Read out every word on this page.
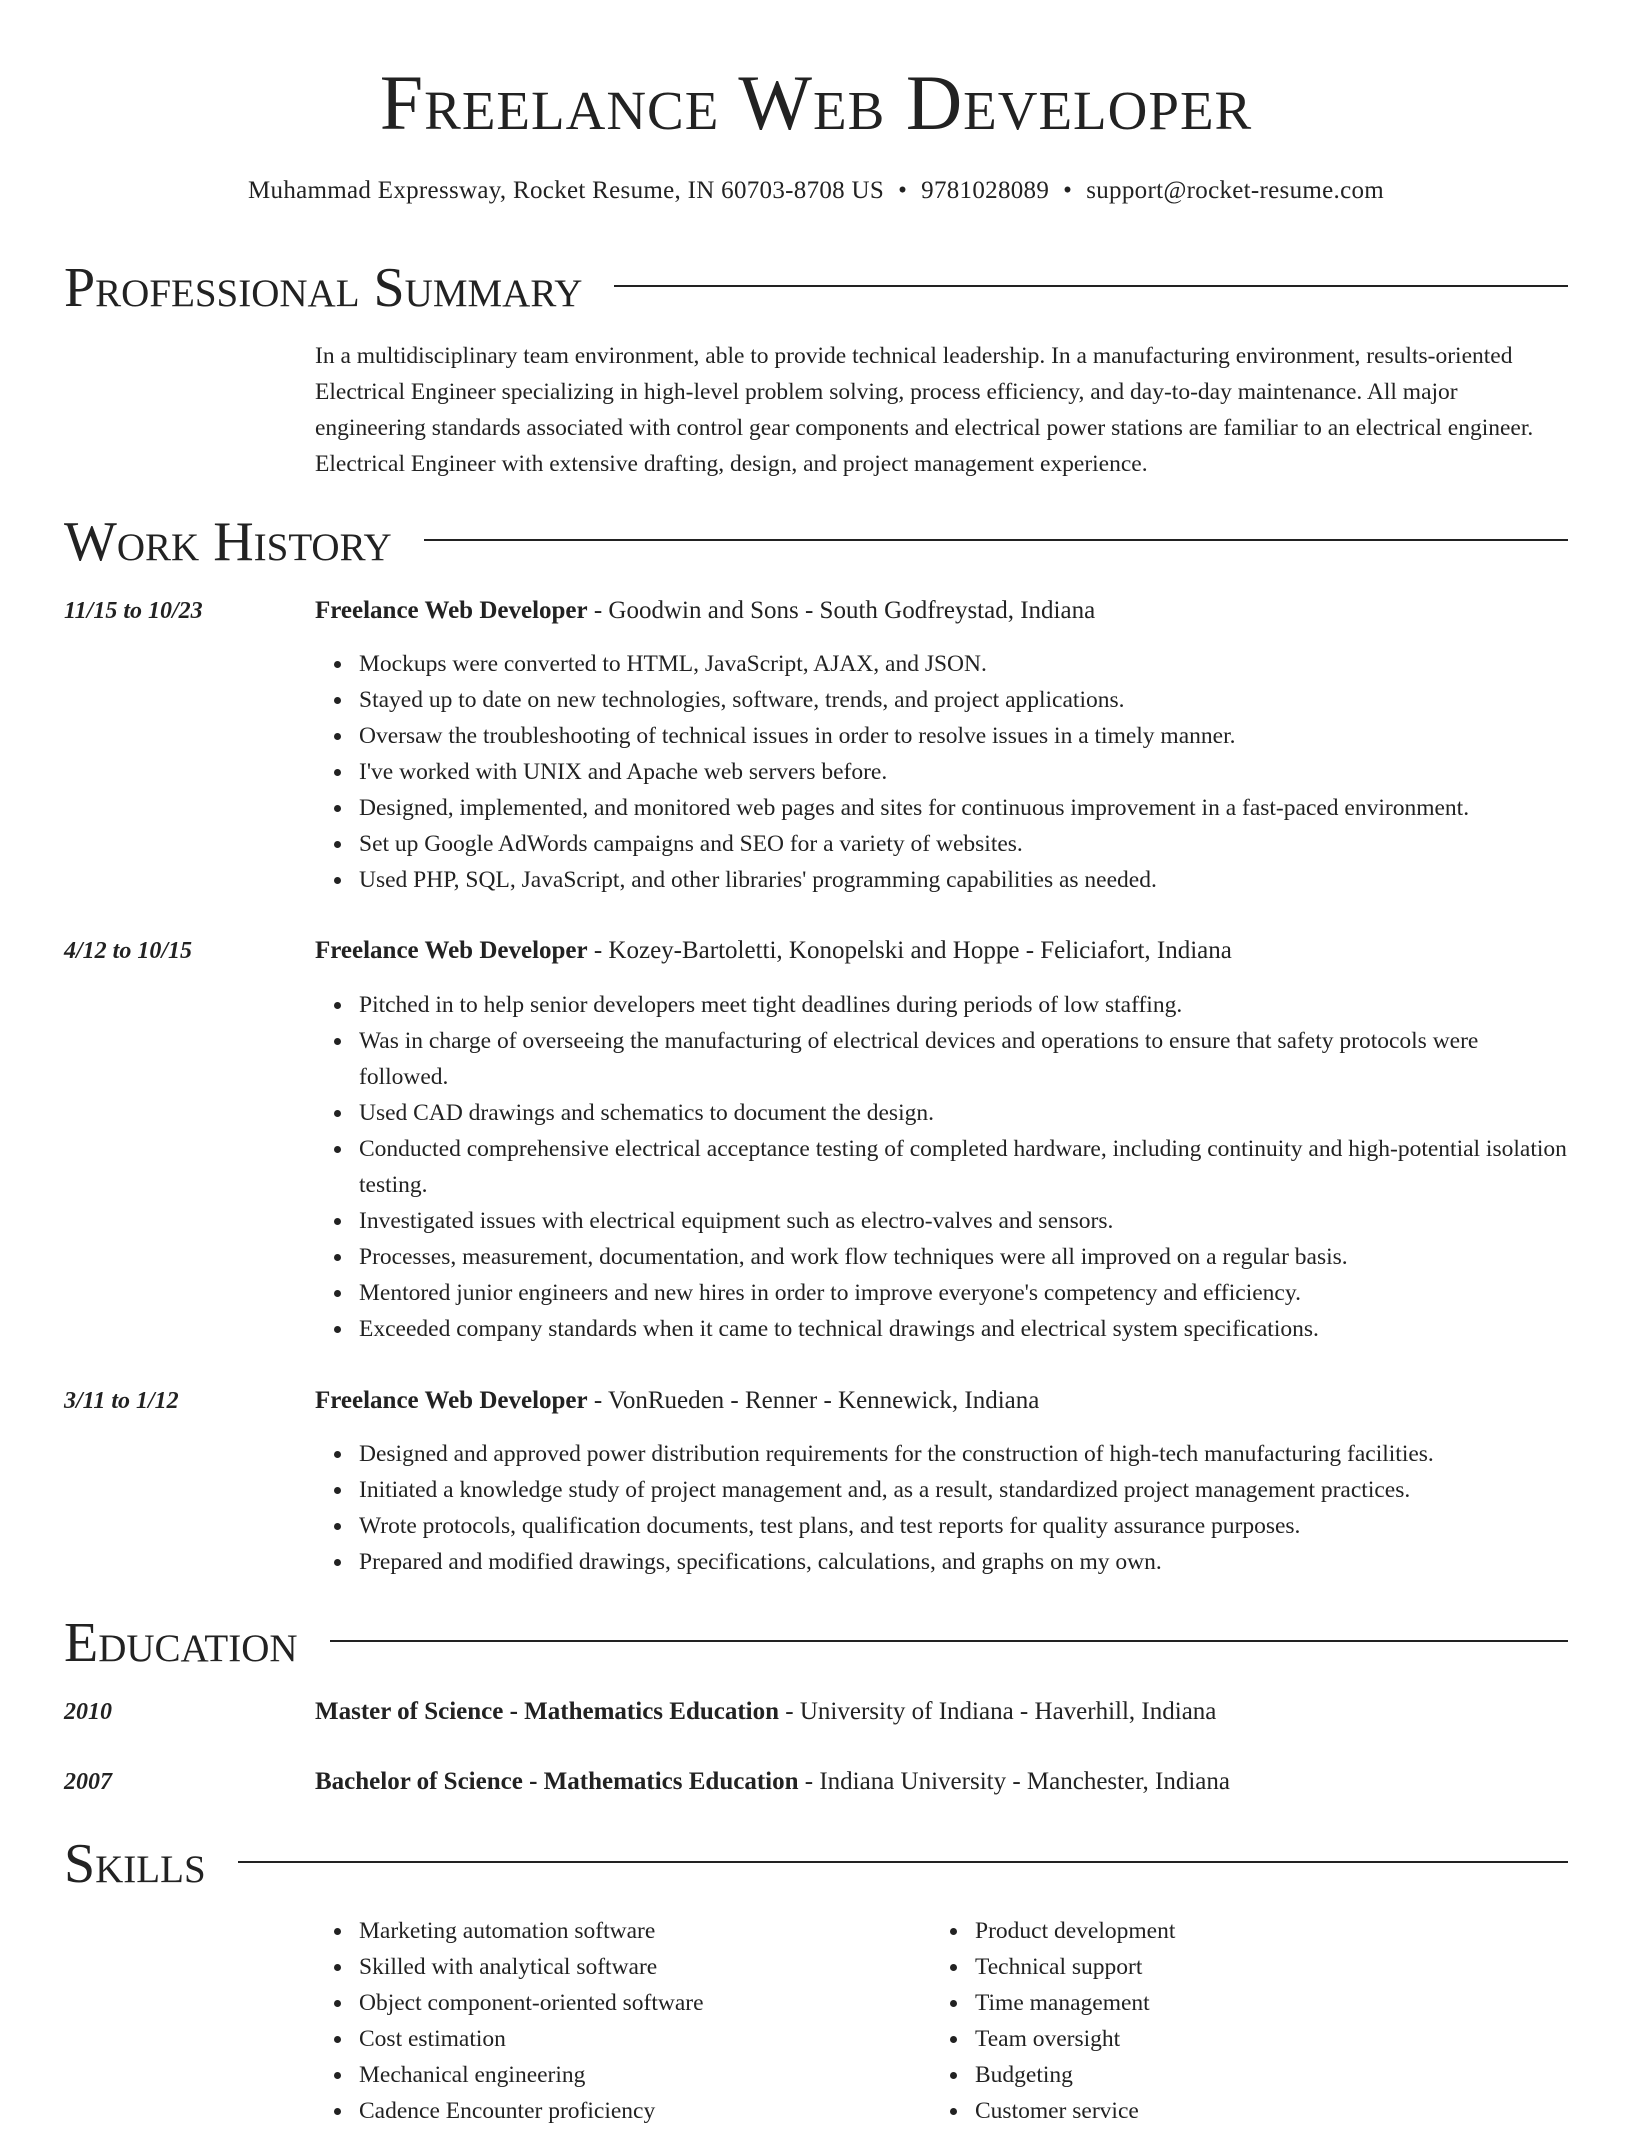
Freelance Web Developer
Muhammad Expressway, Rocket Resume, IN 60703-8708 US • 9781028089 • support@rocket-resume.com
Professional Summary
In a multidisciplinary team environment, able to provide technical leadership. In a manufacturing environment, results-oriented Electrical Engineer specializing in high-level problem solving, process efficiency, and day-to-day maintenance. All major engineering standards associated with control gear components and electrical power stations are familiar to an electrical engineer. Electrical Engineer with extensive drafting, design, and project management experience.
Work History
11/15 to 10/23	Freelance Web Developer - Goodwin and Sons - South Godfreystad, Indiana
Mockups were converted to HTML, JavaScript, AJAX, and JSON.
Stayed up to date on new technologies, software, trends, and project applications.
Oversaw the troubleshooting of technical issues in order to resolve issues in a timely manner.
I've worked with UNIX and Apache web servers before.
Designed, implemented, and monitored web pages and sites for continuous improvement in a fast-paced environment.
Set up Google AdWords campaigns and SEO for a variety of websites.
Used PHP, SQL, JavaScript, and other libraries' programming capabilities as needed.
4/12 to 10/15	Freelance Web Developer - Kozey-Bartoletti, Konopelski and Hoppe - Feliciafort, Indiana
Pitched in to help senior developers meet tight deadlines during periods of low staffing.
Was in charge of overseeing the manufacturing of electrical devices and operations to ensure that safety protocols were followed.
Used CAD drawings and schematics to document the design.
Conducted comprehensive electrical acceptance testing of completed hardware, including continuity and high-potential isolation testing.
Investigated issues with electrical equipment such as electro-valves and sensors.
Processes, measurement, documentation, and work flow techniques were all improved on a regular basis.
Mentored junior engineers and new hires in order to improve everyone's competency and efficiency.
Exceeded company standards when it came to technical drawings and electrical system specifications.
3/11 to 1/12	Freelance Web Developer - VonRueden - Renner - Kennewick, Indiana
Designed and approved power distribution requirements for the construction of high-tech manufacturing facilities.
Initiated a knowledge study of project management and, as a result, standardized project management practices.
Wrote protocols, qualification documents, test plans, and test reports for quality assurance purposes.
Prepared and modified drawings, specifications, calculations, and graphs on my own.
Education
2010	Master of Science - Mathematics Education - University of Indiana - Haverhill, Indiana
2007	Bachelor of Science - Mathematics Education - Indiana University - Manchester, Indiana
Skills
Marketing automation software
Skilled with analytical software
Object component-oriented software
Cost estimation
Mechanical engineering
Cadence Encounter proficiency
Product development
Technical support
Time management
Team oversight
Budgeting
Customer service
